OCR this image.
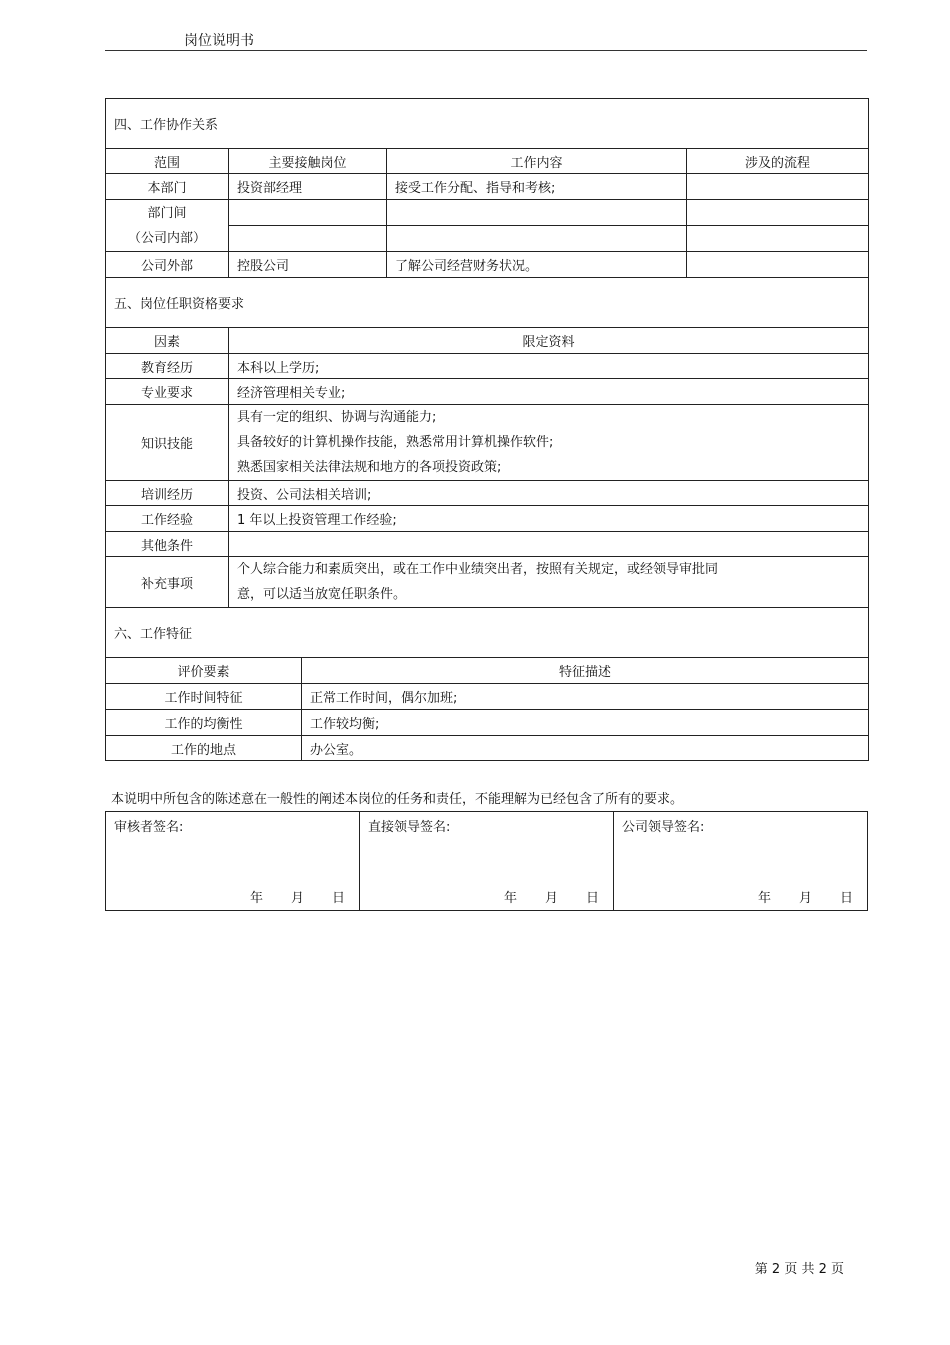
岗位说明书
四、工作协作关系			
范围	主要接触岗位	工作内容	涉及的流程
本部门	投资部经理	接受工作分配、指导和考核;	

部门间
（公司内部）			

公司外部	控股公司	了解公司经营财务状况。	
五、岗位任职资格要求	
因素	限定资料
教育经历	本科以上学历;
专业要求	经济管理相关专业;
知识技能	具有一定的组织、协调与沟通能力;
具备较好的计算机操作技能，熟悉常用计算机操作软件;
熟悉国家相关法律法规和地方的各项投资政策;

培训经历	投资、公司法相关培训;
工作经验	1 年以上投资管理工作经验;
其他条件	
补充事项	个人综合能力和素质突出，或在工作中业绩突出者，按照有关规定，或经领导审批同
意，可以适当放宽任职条件。
六、工作特征	
评价要素	特征描述
工作时间特征	正常工作时间，偶尔加班;
工作的均衡性	工作较均衡;
工作的地点	办公室。
本说明中所包含的陈述意在一般性的阐述本岗位的任务和责任，不能理解为已经包含了所有的要求。
审核者签名:
年 月 日
	直接领导签名:
年 月 日
	公司领导签名:
年 月 日
第 2 页 共 2 页
